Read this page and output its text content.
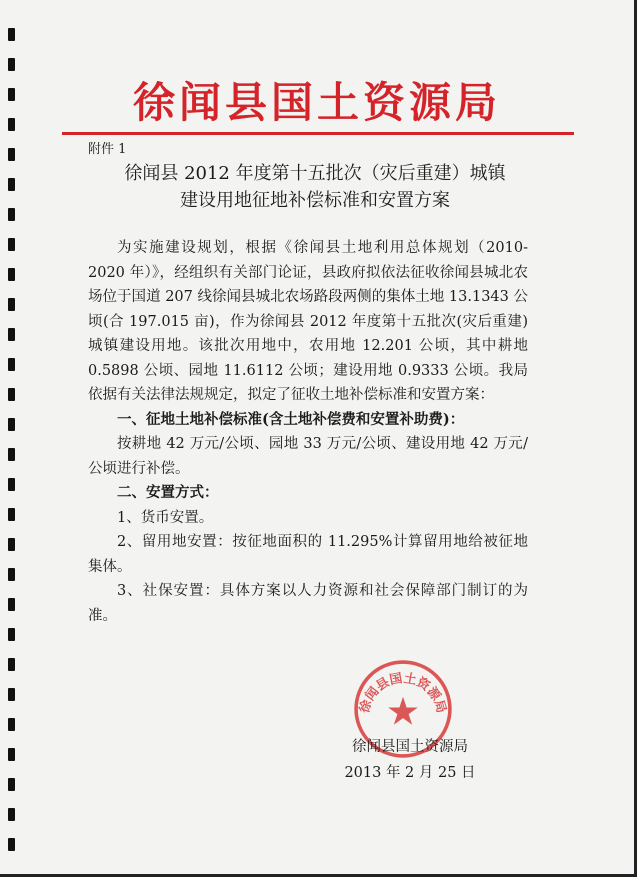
徐闻县国土资源局
附件 1
徐闻县 2012 年度第十五批次（灾后重建）城镇
建设用地征地补偿标准和安置方案

为实施建设规划，根据《徐闻县土地利用总体规划（2010-2020 年）》，经组织有关部门论证，县政府拟依法征收徐闻县城北农场位于国道 207 线徐闻县城北农场路段两侧的集体土地 13.1343 公顷(合 197.015 亩)，作为徐闻县 2012 年度第十五批次(灾后重建)城镇建设用地。该批次用地中，农用地 12.201 公顷，其中耕地 0.5898 公顷、园地 11.6112 公顷；建设用地 0.9333 公顷。我局依据有关法律法规规定，拟定了征收土地补偿标准和安置方案：

一、征地土地补偿标准(含土地补偿费和安置补助费)：

按耕地 42 万元/公顷、园地 33 万元/公顷、建设用地 42 万元/公顷进行补偿。

二、安置方式：

1、货币安置。

2、留用地安置：按征地面积的 11.295%计算留用地给被征地集体。

3、社保安置：具体方案以人力资源和社会保障部门制订的为准。

徐闻县国土资源局
徐闻县国土资源局
2013 年 2 月 25 日
